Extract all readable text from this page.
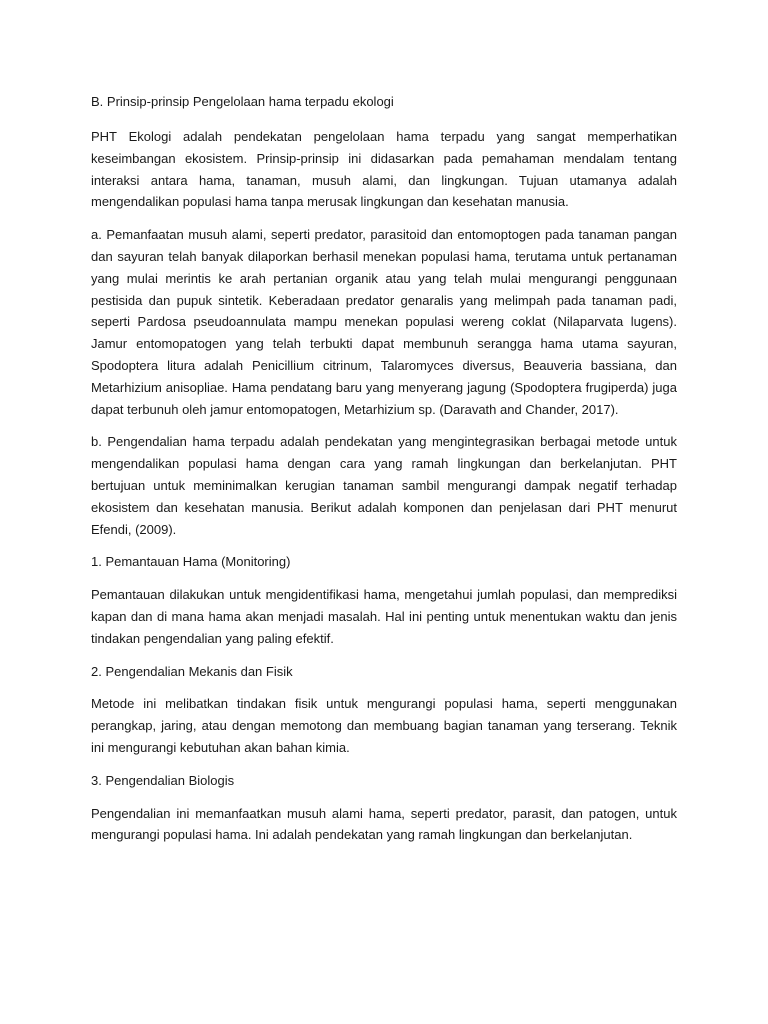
B. Prinsip-prinsip Pengelolaan hama terpadu ekologi

PHT Ekologi adalah pendekatan pengelolaan hama terpadu yang sangat memperhatikan keseimbangan ekosistem. Prinsip-prinsip ini didasarkan pada pemahaman mendalam tentang interaksi antara hama, tanaman, musuh alami, dan lingkungan. Tujuan utamanya adalah mengendalikan populasi hama tanpa merusak lingkungan dan kesehatan manusia.

a. Pemanfaatan musuh alami, seperti predator, parasitoid dan entomoptogen pada tanaman pangan dan sayuran telah banyak dilaporkan berhasil menekan populasi hama, terutama untuk pertanaman yang mulai merintis ke arah pertanian organik atau yang telah mulai mengurangi penggunaan pestisida dan pupuk sintetik. Keberadaan predator genaralis yang melimpah pada tanaman padi, seperti Pardosa pseudoannulata mampu menekan populasi wereng coklat (Nilaparvata lugens). Jamur entomopatogen yang telah terbukti dapat membunuh serangga hama utama sayuran, Spodoptera litura adalah Penicillium citrinum, Talaromyces diversus, Beauveria bassiana, dan Metarhizium anisopliae. Hama pendatang baru yang menyerang jagung (Spodoptera frugiperda) juga dapat terbunuh oleh jamur entomopatogen, Metarhizium sp. (Daravath and Chander, 2017).

b. Pengendalian hama terpadu adalah pendekatan yang mengintegrasikan berbagai metode untuk mengendalikan populasi hama dengan cara yang ramah lingkungan dan berkelanjutan. PHT bertujuan untuk meminimalkan kerugian tanaman sambil mengurangi dampak negatif terhadap ekosistem dan kesehatan manusia. Berikut adalah komponen dan penjelasan dari PHT menurut Efendi, (2009).

1. Pemantauan Hama (Monitoring)

Pemantauan dilakukan untuk mengidentifikasi hama, mengetahui jumlah populasi, dan memprediksi kapan dan di mana hama akan menjadi masalah. Hal ini penting untuk menentukan waktu dan jenis tindakan pengendalian yang paling efektif.

2. Pengendalian Mekanis dan Fisik

Metode ini melibatkan tindakan fisik untuk mengurangi populasi hama, seperti menggunakan perangkap, jaring, atau dengan memotong dan membuang bagian tanaman yang terserang. Teknik ini mengurangi kebutuhan akan bahan kimia.

3. Pengendalian Biologis

Pengendalian ini memanfaatkan musuh alami hama, seperti predator, parasit, dan patogen, untuk mengurangi populasi hama. Ini adalah pendekatan yang ramah lingkungan dan berkelanjutan.
